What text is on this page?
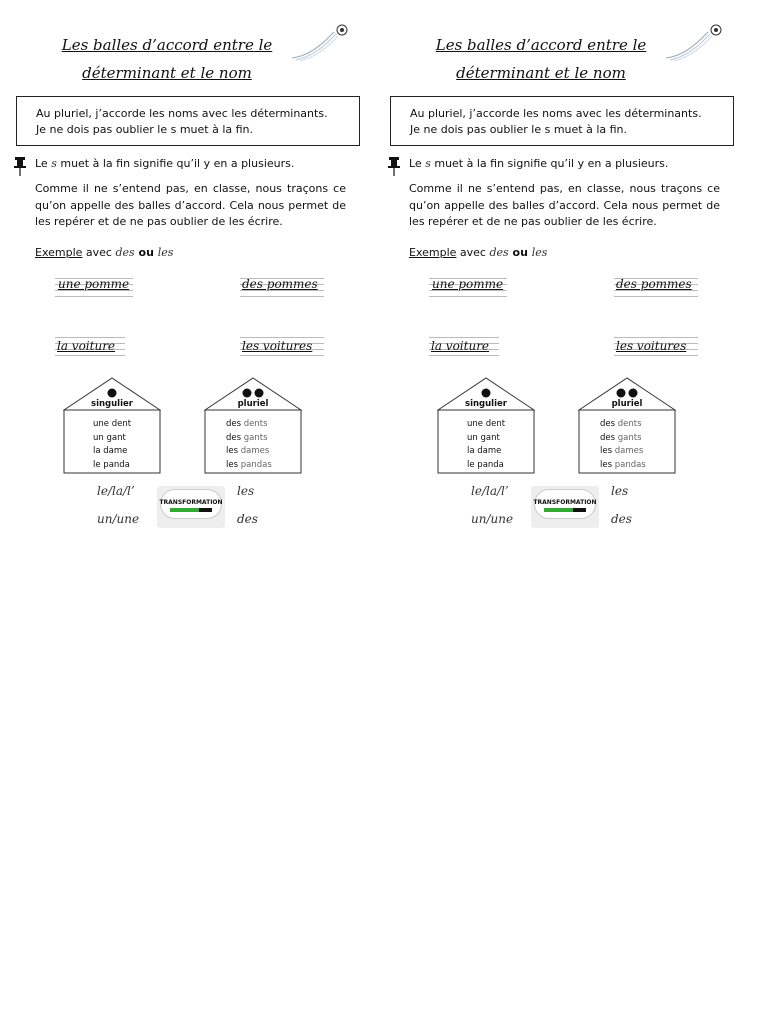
Les balles d’accord entre le
déterminant et le nom
Au pluriel, j’accorde les noms avec les déterminants.
Je ne dois pas oublier le s muet à la fin.
Le s muet à la fin signifie qu’il y en a plusieurs.
Comme il ne s’entend pas, en classe, nous traçons ce qu’on appelle des balles d’accord. Cela nous permet de les repérer et de ne pas oublier de les écrire.
Exemple avec des ou les
une pomme	des pommes
la voiture	les voitures
singulier
une dent
un gant
la dame
le panda
pluriel
des dents
des gants
les dames
les pandas
le/la/l’
un/une
TRANSFORMATION
les
des
Les balles d’accord entre le
déterminant et le nom
Au pluriel, j’accorde les noms avec les déterminants.
Je ne dois pas oublier le s muet à la fin.
Le s muet à la fin signifie qu’il y en a plusieurs.
Comme il ne s’entend pas, en classe, nous traçons ce qu’on appelle des balles d’accord. Cela nous permet de les repérer et de ne pas oublier de les écrire.
Exemple avec des ou les
une pomme	des pommes
la voiture	les voitures
singulier
une dent
un gant
la dame
le panda
pluriel
des dents
des gants
les dames
les pandas
le/la/l’
un/une
TRANSFORMATION
les
des
